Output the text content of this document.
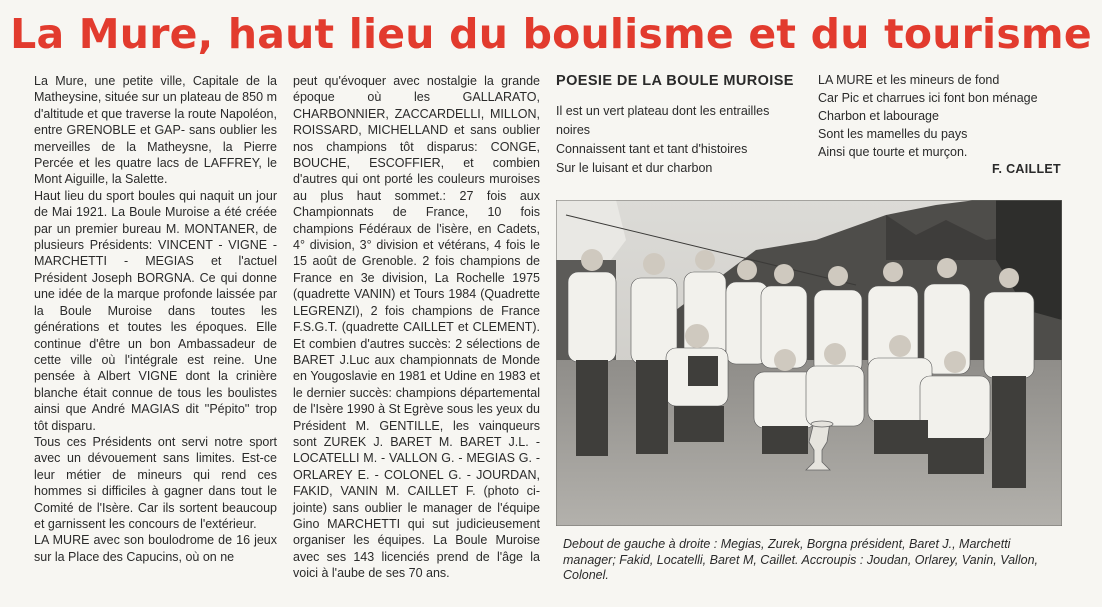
La Mure, haut lieu du boulisme et du tourisme

La Mure, une petite ville, Capitale de la Matheysine, située sur un plateau de 850 m d'altitude et que traverse la route Napoléon, entre GRENOBLE et GAP- sans oublier les merveilles de la Matheysne, la Pierre Percée et les quatre lacs de LAFFREY, le Mont Aiguille, la Salette.

Haut lieu du sport boules qui naquit un jour de Mai 1921. La Boule Muroise a été créée par un premier bureau M. MONTANER, de plusieurs Présidents: VINCENT - VIGNE - MARCHETTI - MEGIAS et l'actuel Président Joseph BORGNA. Ce qui donne une idée de la marque profonde laissée par la Boule Muroise dans toutes les générations et toutes les époques. Elle continue d'être un bon Ambassadeur de cette ville où l'intégrale est reine. Une pensée à Albert VIGNE dont la crinière blanche était connue de tous les boulistes ainsi que André MAGIAS dit ''Pépito'' trop tôt disparu.

Tous ces Présidents ont servi notre sport avec un dévouement sans limites. Est-ce leur métier de mineurs qui rend ces hommes si difficiles à gagner dans tout le Comité de l'Isère. Car ils sortent beaucoup et garnissent les concours de l'extérieur.

LA MURE avec son boulodrome de 16 jeux sur la Place des Capucins, où on ne

peut qu'évoquer avec nostalgie la grande époque où les GALLARATO, CHARBONNIER, ZACCARDELLI, MILLON, ROISSARD, MICHELLAND et sans oublier nos champions tôt disparus: CONGE, BOUCHE, ESCOFFIER, et combien d'autres qui ont porté les couleurs muroises au plus haut sommet.: 27 fois aux Championnats de France, 10 fois champions Fédéraux de l'isère, en Cadets, 4° division, 3° division et vétérans, 4 fois le 15 août de Grenoble. 2 fois champions de France en 3e division, La Rochelle 1975 (quadrette VANIN) et Tours 1984 (Quadrette LEGRENZI), 2 fois champions de France F.S.G.T. (quadrette CAILLET et CLEMENT). Et combien d'autres succès: 2 sélections de BARET J.Luc aux championnats de Monde en Yougoslavie en 1981 et Udine en 1983 et le dernier succès: champions départemental de l'Isère 1990 à St Egrève sous les yeux du Président M. GENTILLE, les vainqueurs sont ZUREK J. BARET M. BARET J.L. - LOCATELLI M. - VALLON G. - MEGIAS G. - ORLAREY E. - COLONEL G. - JOURDAN, FAKID, VANIN M. CAILLET F. (photo ci-jointe) sans oublier le manager de l'équipe Gino MARCHETTI qui sut judicieusement organiser les équipes. La Boule Muroise avec ses 143 licenciés prend de l'âge la voici à l'aube de ses 70 ans.

POESIE DE LA BOULE MUROISE
Il est un vert plateau dont les entrailles noires
Connaissent tant et tant d'histoires
Sur le luisant et dur charbon
LA MURE et les mineurs de fond
Car Pic et charrues ici font bon ménage
Charbon et labourage
Sont les mamelles du pays
Ainsi que tourte et murçon.
F. CAILLET
Debout de gauche à droite : Megias, Zurek, Borgna président, Baret J., Marchetti manager; Fakid, Locatelli, Baret M, Caillet. Accroupis : Joudan, Orlarey, Vanin, Vallon, Colonel.
